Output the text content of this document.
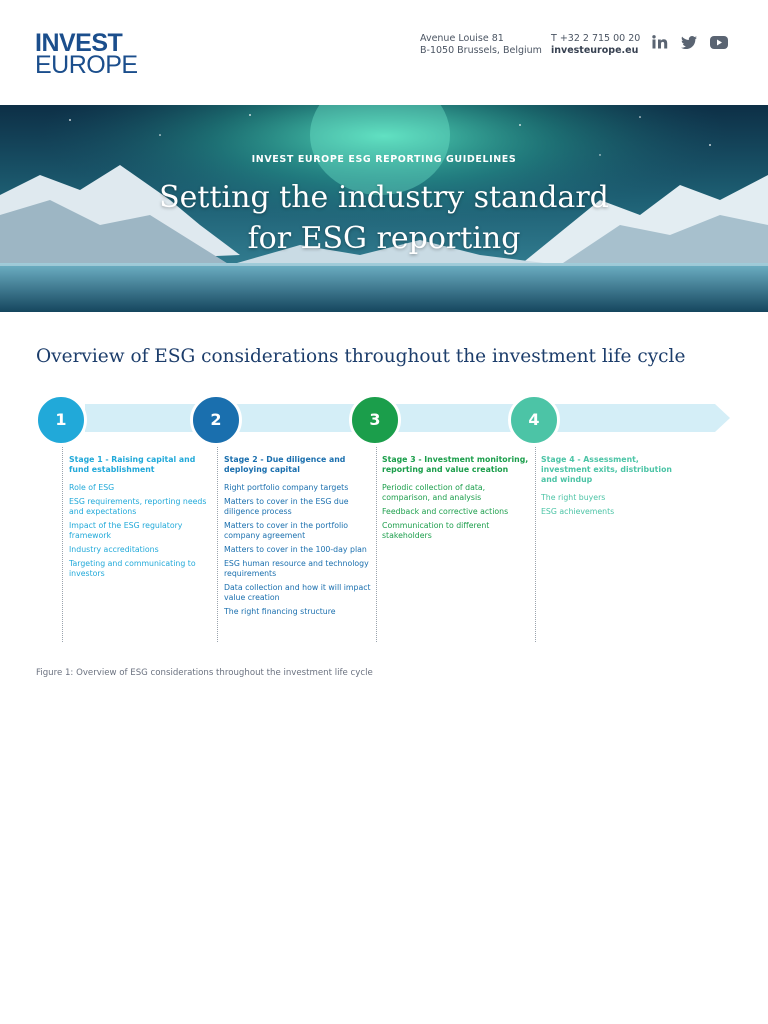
INVEST
EUROPE
Avenue Louise 81
B-1050 Brussels, Belgium
T +32 2 715 00 20
investeurope.eu
INVEST EUROPE ESG REPORTING GUIDELINES
Setting the industry standard
for ESG reporting
Overview of ESG considerations throughout the investment life cycle
1	2	3	4
Stage 1 - Raising capital and fund establishment
Role of ESG
ESG requirements, reporting needs and expectations
Impact of the ESG regulatory framework
Industry accreditations
Targeting and communicating to investors
Stage 2 - Due diligence and deploying capital
Right portfolio company targets
Matters to cover in the ESG due diligence process
Matters to cover in the portfolio company agreement
Matters to cover in the 100-day plan
ESG human resource and technology requirements
Data collection and how it will impact value creation
The right financing structure
Stage 3 - Investment monitoring, reporting and value creation
Periodic collection of data, comparison, and analysis
Feedback and corrective actions
Communication to different stakeholders
Stage 4 - Assessment, investment exits, distribution and windup
The right buyers
ESG achievements
Figure 1: Overview of ESG considerations throughout the investment life cycle
